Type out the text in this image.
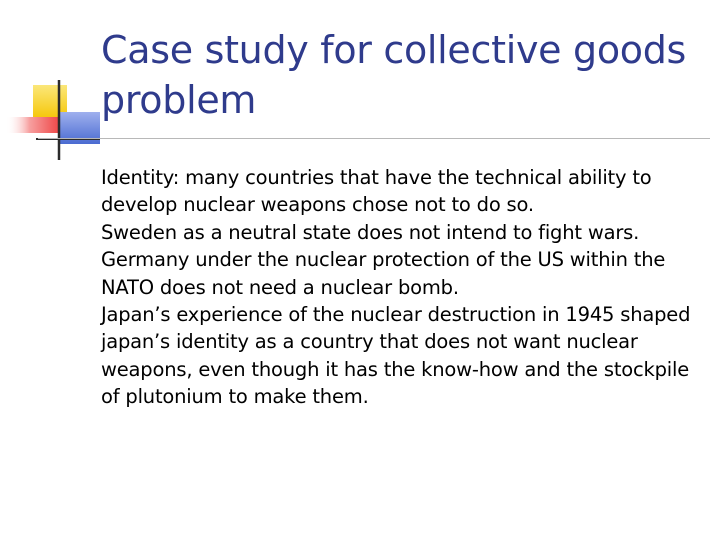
Case study for collective goods problem
Identity: many countries that have the technical ability to develop nuclear weapons chose not to do so.
Sweden as a neutral state does not intend to fight wars. Germany under the nuclear protection of the US within the NATO does not need a nuclear bomb.
Japan’s experience of the nuclear destruction in 1945 shaped japan’s identity as a country that does not want nuclear weapons, even though it has the know-how and the stockpile of plutonium to make them.
